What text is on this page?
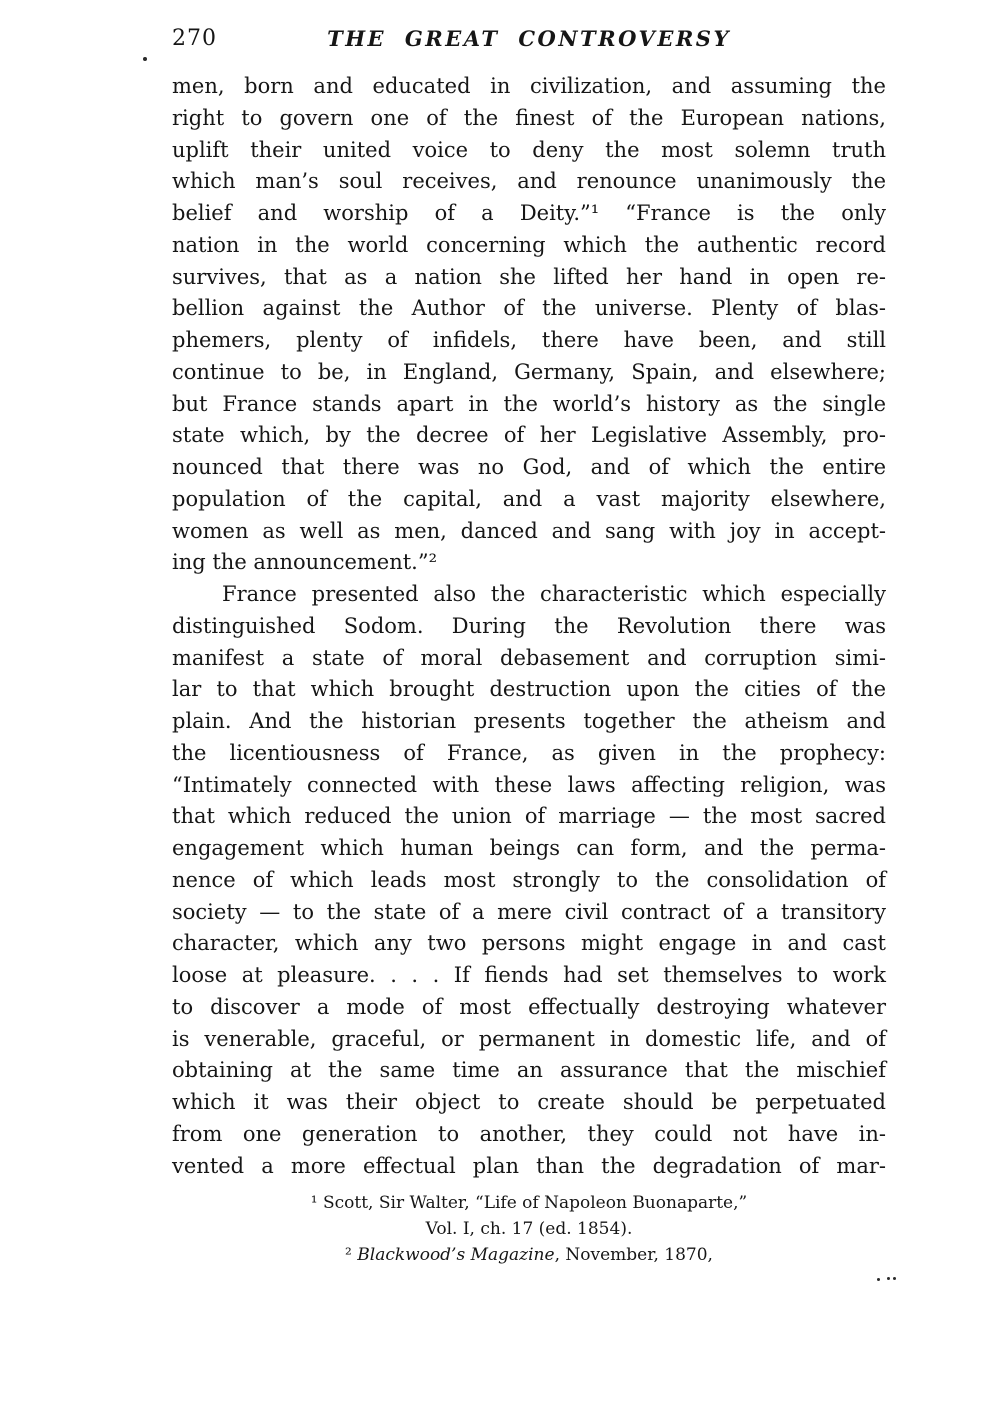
270	THE GREAT CONTROVERSY
men, born and educated in civilization, and assuming the
right to govern one of the finest of the European nations,
uplift their united voice to deny the most solemn truth
which man’s soul receives, and renounce unanimously the
belief and worship of a Deity.”¹ “France is the only
nation in the world concerning which the authentic record
survives, that as a nation she lifted her hand in open re-
bellion against the Author of the universe. Plenty of blas-
phemers, plenty of infidels, there have been, and still
continue to be, in England, Germany, Spain, and elsewhere;
but France stands apart in the world’s history as the single
state which, by the decree of her Legislative Assembly, pro-
nounced that there was no God, and of which the entire
population of the capital, and a vast majority elsewhere,
women as well as men, danced and sang with joy in accept-
ing the announcement.”²
France presented also the characteristic which especially
distinguished Sodom. During the Revolution there was
manifest a state of moral debasement and corruption simi-
lar to that which brought destruction upon the cities of the
plain. And the historian presents together the atheism and
the licentiousness of France, as given in the prophecy:
“Intimately connected with these laws affecting religion, was
that which reduced the union of marriage — the most sacred
engagement which human beings can form, and the perma-
nence of which leads most strongly to the consolidation of
society — to the state of a mere civil contract of a transitory
character, which any two persons might engage in and cast
loose at pleasure. . . . If fiends had set themselves to work
to discover a mode of most effectually destroying whatever
is venerable, graceful, or permanent in domestic life, and of
obtaining at the same time an assurance that the mischief
which it was their object to create should be perpetuated
from one generation to another, they could not have in-
vented a more effectual plan than the degradation of mar-
¹ Scott, Sir Walter, “Life of Napoleon Buonaparte,”
Vol. I, ch. 17 (ed. 1854).
² Blackwood’s Magazine, November, 1870,
